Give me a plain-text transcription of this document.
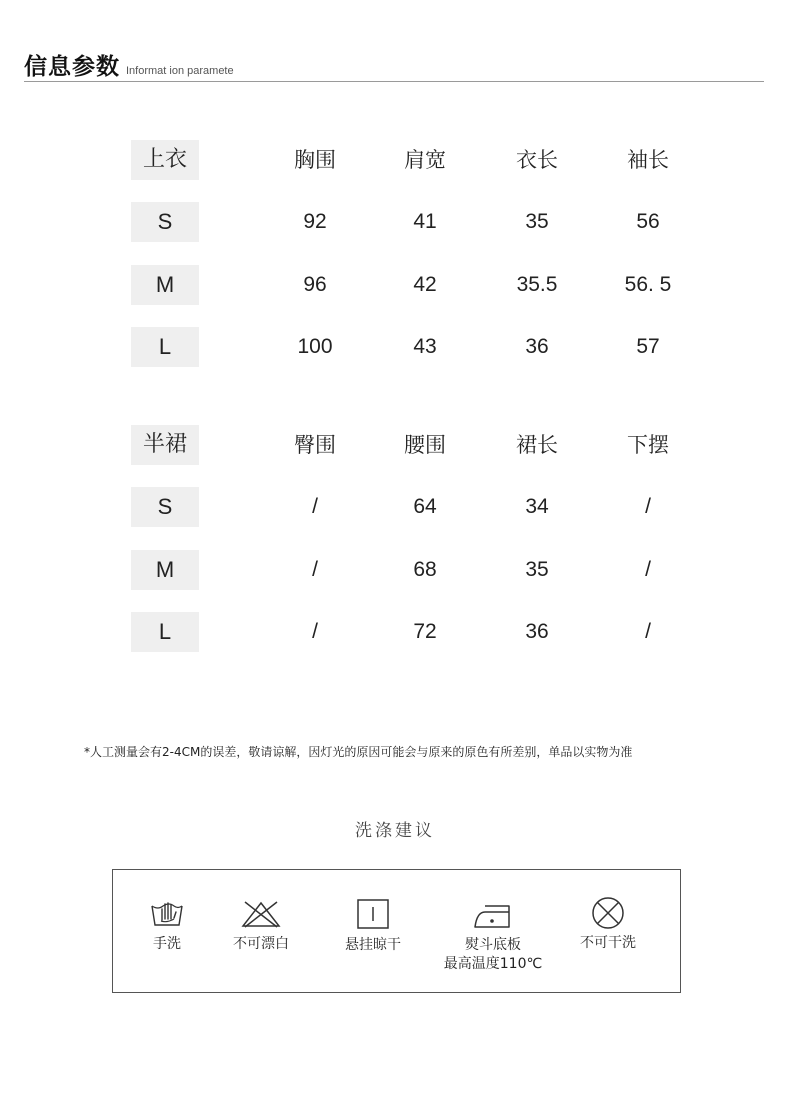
信息参数 Informat ion paramete
上衣	胸围	肩宽	衣长	袖长
S	92	41	35	56
M	96	42	35.5	56. 5
L	100	43	36	57
半裙	臀围	腰围	裙长	下摆
S	/	64	34	/
M	/	68	35	/
L	/	72	36	/
*人工测量会有2-4CM的误差，敬请谅解，因灯光的原因可能会与原来的原色有所差别，单品以实物为准
洗涤建议
手洗	不可漂白	悬挂晾干	熨斗底板
最高温度110℃
不可干洗
